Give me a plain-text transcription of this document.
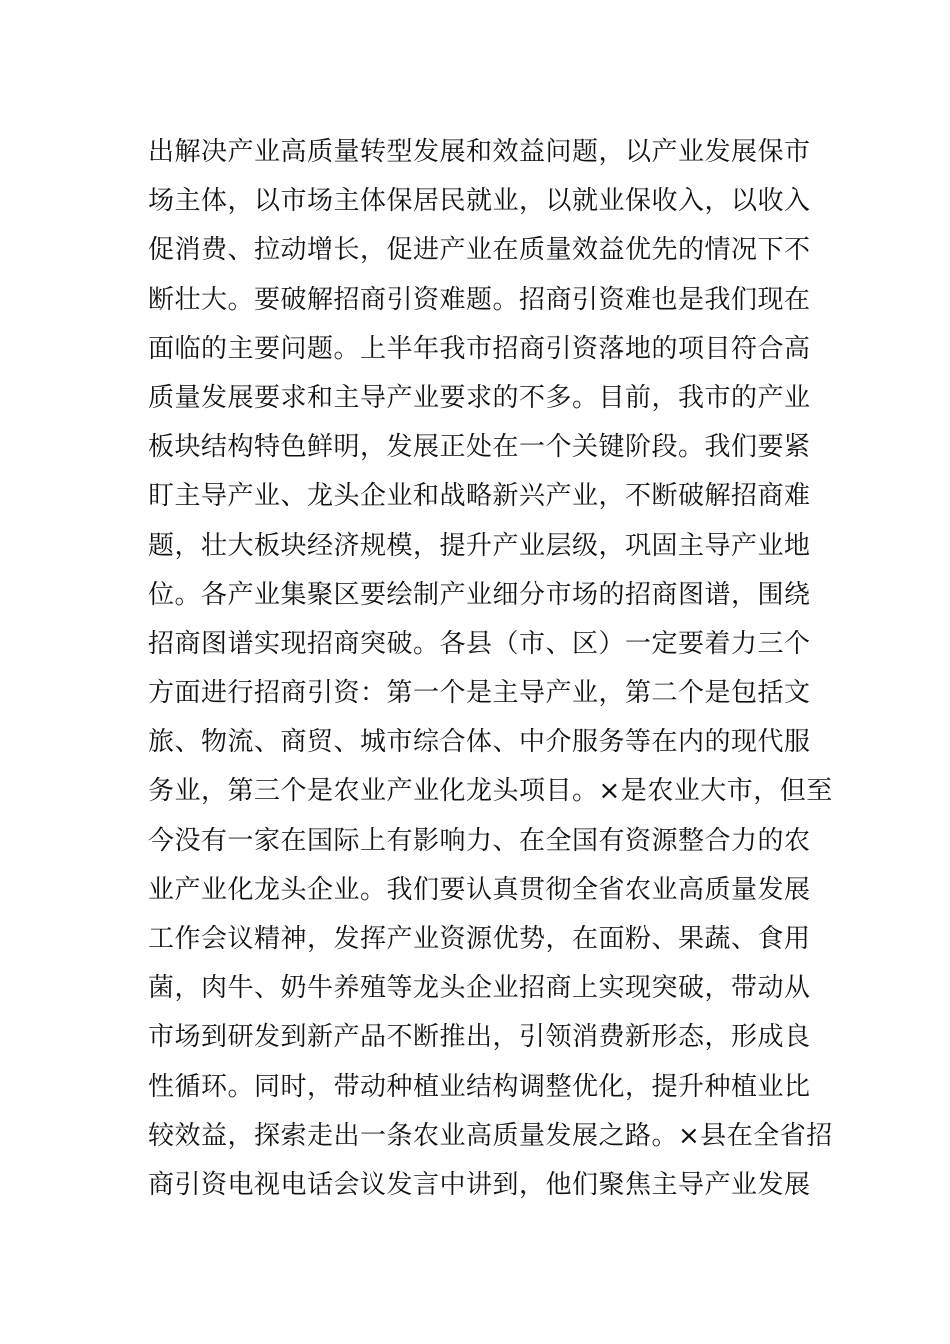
出解决产业高质量转型发展和效益问题，以产业发展保市
场主体，以市场主体保居民就业，以就业保收入，以收入
促消费、拉动增长，促进产业在质量效益优先的情况下不
断壮大。要破解招商引资难题。招商引资难也是我们现在
面临的主要问题。上半年我市招商引资落地的项目符合高
质量发展要求和主导产业要求的不多。目前，我市的产业
板块结构特色鲜明，发展正处在一个关键阶段。我们要紧
盯主导产业、龙头企业和战略新兴产业，不断破解招商难
题，壮大板块经济规模，提升产业层级，巩固主导产业地
位。各产业集聚区要绘制产业细分市场的招商图谱，围绕
招商图谱实现招商突破。各县（市、区）一定要着力三个
方面进行招商引资：第一个是主导产业，第二个是包括文
旅、物流、商贸、城市综合体、中介服务等在内的现代服
务业，第三个是农业产业化龙头项目。×是农业大市，但至
今没有一家在国际上有影响力、在全国有资源整合力的农
业产业化龙头企业。我们要认真贯彻全省农业高质量发展
工作会议精神，发挥产业资源优势，在面粉、果蔬、食用
菌，肉牛、奶牛养殖等龙头企业招商上实现突破，带动从
市场到研发到新产品不断推出，引领消费新形态，形成良
性循环。同时，带动种植业结构调整优化，提升种植业比
较效益，探索走出一条农业高质量发展之路。×县在全省招
商引资电视电话会议发言中讲到，他们聚焦主导产业发展
